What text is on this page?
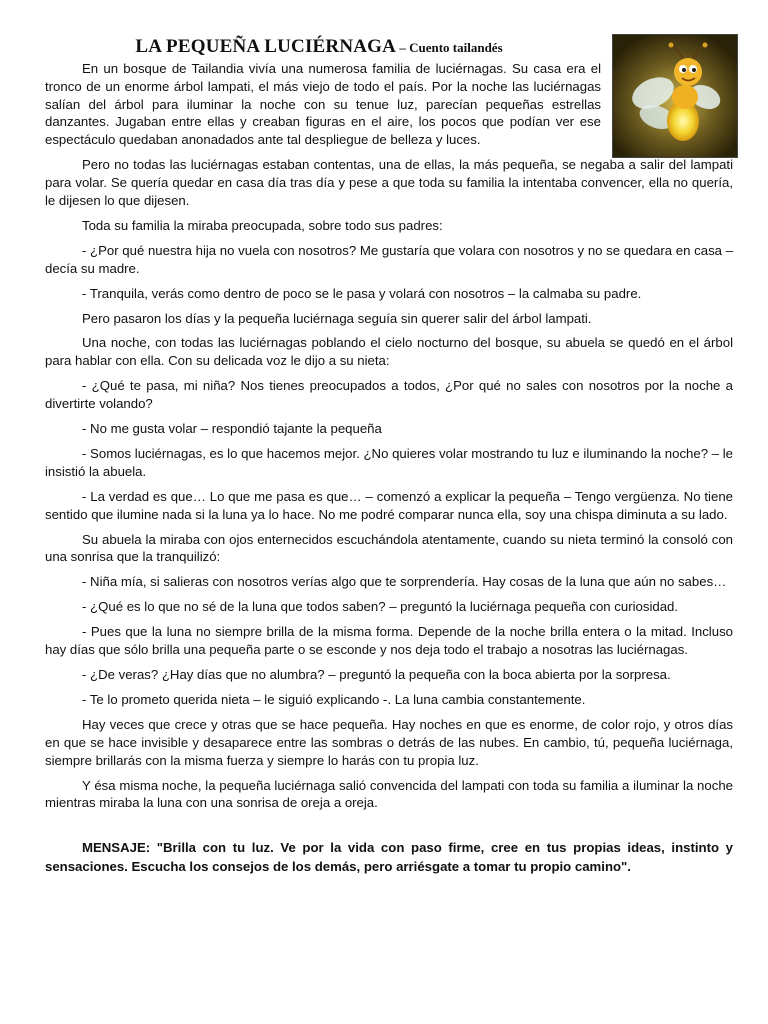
LA PEQUEÑA LUCIÉRNAGA – Cuento tailandés

En un bosque de Tailandia vivía una numerosa familia de luciérnagas. Su casa era el tronco de un enorme árbol lampati, el más viejo de todo el país. Por la noche las luciérnagas salían del árbol para iluminar la noche con su tenue luz, parecían pequeñas estrellas danzantes. Jugaban entre ellas y creaban figuras en el aire, los pocos que podían ver ese espectáculo quedaban anonadados ante tal despliegue de belleza y luces.

Pero no todas las luciérnagas estaban contentas, una de ellas, la más pequeña, se negaba a salir del lampati para volar. Se quería quedar en casa día tras día y pese a que toda su familia la intentaba convencer, ella no quería, le dijesen lo que dijesen.

Toda su familia la miraba preocupada, sobre todo sus padres:

- ¿Por qué nuestra hija no vuela con nosotros? Me gustaría que volara con nosotros y no se quedara en casa – decía su madre.

- Tranquila, verás como dentro de poco se le pasa y volará con nosotros – la calmaba su padre.

Pero pasaron los días y la pequeña luciérnaga seguía sin querer salir del árbol lampati.

Una noche, con todas las luciérnagas poblando el cielo nocturno del bosque, su abuela se quedó en el árbol para hablar con ella. Con su delicada voz le dijo a su nieta:

- ¿Qué te pasa, mi niña? Nos tienes preocupados a todos, ¿Por qué no sales con nosotros por la noche a divertirte volando?

- No me gusta volar – respondió tajante la pequeña

- Somos luciérnagas, es lo que hacemos mejor. ¿No quieres volar mostrando tu luz e iluminando la noche? – le insistió la abuela.

- La verdad es que… Lo que me pasa es que… – comenzó a explicar la pequeña – Tengo vergüenza. No tiene sentido que ilumine nada si la luna ya lo hace. No me podré comparar nunca ella, soy una chispa diminuta a su lado.

Su abuela la miraba con ojos enternecidos escuchándola atentamente, cuando su nieta terminó la consoló con una sonrisa que la tranquilizó:

- Niña mía, si salieras con nosotros verías algo que te sorprendería. Hay cosas de la luna que aún no sabes…

- ¿Qué es lo que no sé de la luna que todos saben? – preguntó la luciérnaga pequeña con curiosidad.

- Pues que la luna no siempre brilla de la misma forma. Depende de la noche brilla entera o la mitad. Incluso hay días que sólo brilla una pequeña parte o se esconde y nos deja todo el trabajo a nosotras las luciérnagas.

- ¿De veras? ¿Hay días que no alumbra? – preguntó la pequeña con la boca abierta por la sorpresa.

- Te lo prometo querida nieta – le siguió explicando -. La luna cambia constantemente.

Hay veces que crece y otras que se hace pequeña. Hay noches en que es enorme, de color rojo, y otros días en que se hace invisible y desaparece entre las sombras o detrás de las nubes. En cambio, tú, pequeña luciérnaga, siempre brillarás con la misma fuerza y siempre lo harás con tu propia luz.

Y ésa misma noche, la pequeña luciérnaga salió convencida del lampati con toda su familia a iluminar la noche mientras miraba la luna con una sonrisa de oreja a oreja.

MENSAJE: "Brilla con tu luz. Ve por la vida con paso firme, cree en tus propias ideas, instinto y sensaciones. Escucha los consejos de los demás, pero arriésgate a tomar tu propio camino".
